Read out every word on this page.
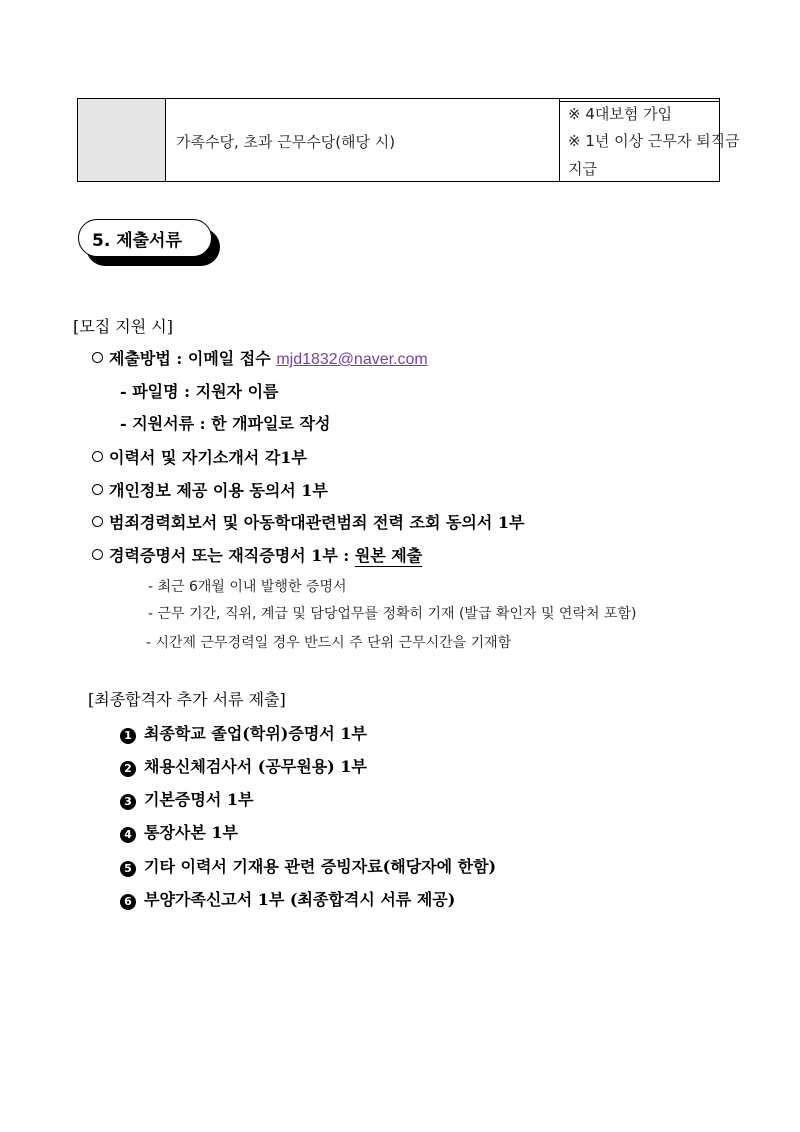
가족수당, 초과 근무수당(해당 시)
※ 4대보험 가입
※ 1년 이상 근무자 퇴직금
지급
5. 제출서류
[모집 지원 시]
제출방법 : 이메일 접수 mjd1832@naver.com
- 파일명 : 지원자 이름
- 지원서류 : 한 개파일로 작성
이력서 및 자기소개서 각1부
개인정보 제공 이용 동의서 1부
범죄경력회보서 및 아동학대관련범죄 전력 조회 동의서 1부
경력증명서 또는 재직증명서 1부 : 원본 제출
- 최근 6개월 이내 발행한 증명서
- 근무 기간, 직위, 계급 및 담당업무를 정확히 기재 (발급 확인자 및 연락처 포함)
- 시간제 근무경력일 경우 반드시 주 단위 근무시간을 기재함
[최종합격자 추가 서류 제출]
1 최종학교 졸업(학위)증명서 1부
2 채용신체검사서 (공무원용) 1부
3 기본증명서 1부
4 통장사본 1부
5 기타 이력서 기재용 관련 증빙자료(해당자에 한함)
6 부양가족신고서 1부 (최종합격시 서류 제공)
